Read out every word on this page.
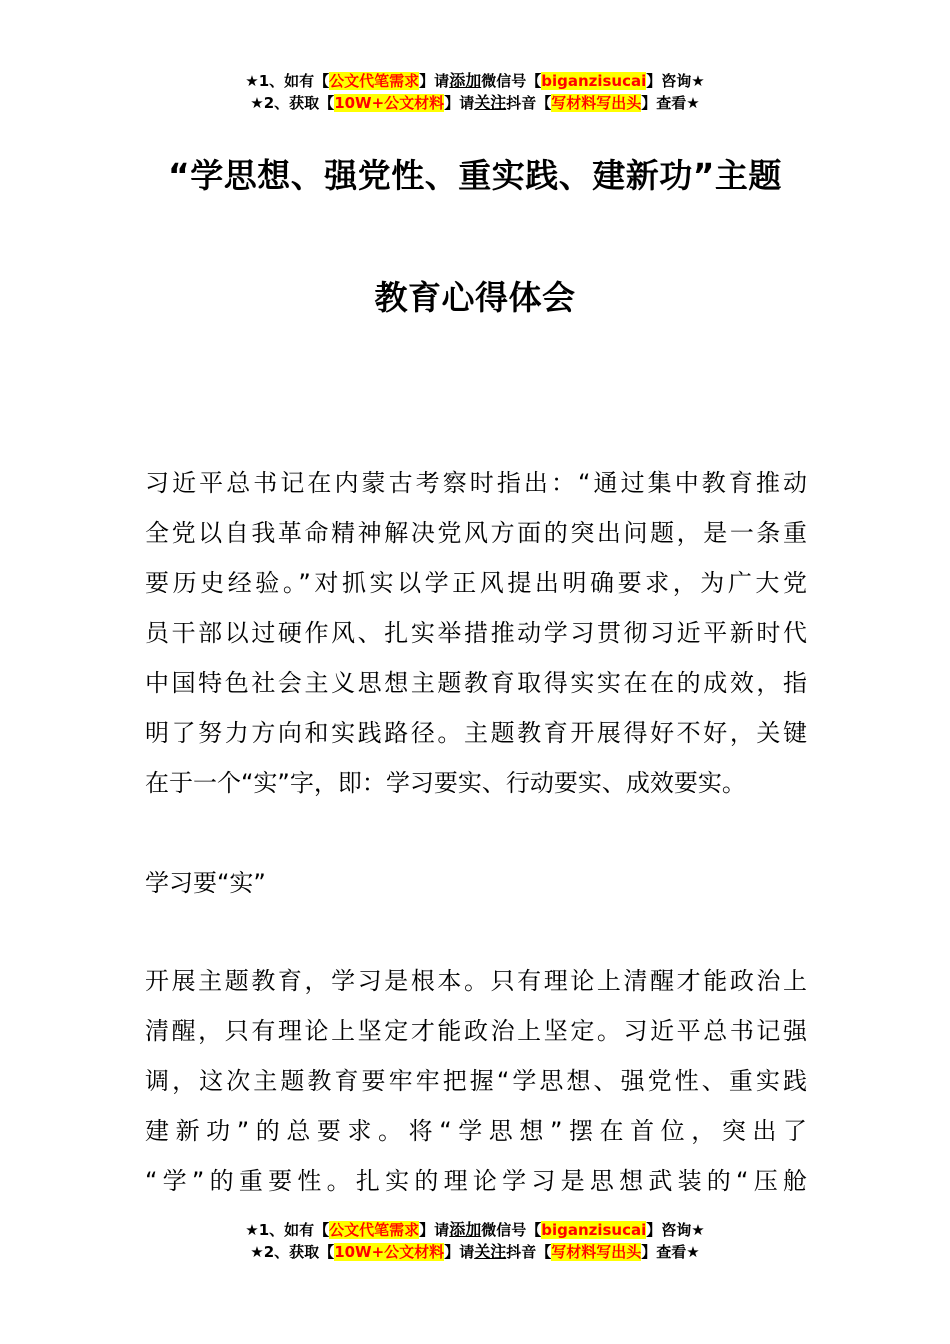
★1、如有【公文代笔需求】请添加微信号【biganzisucai】咨询★
★2、获取【10W+公文材料】请关注抖音【写材料写出头】查看★
“学思想、强党性、重实践、建新功”主题
教育心得体会
习近平总书记在内蒙古考察时指出：“通过集中教育推动
全党以自我革命精神解决党风方面的突出问题，是一条重
要历史经验。”对抓实以学正风提出明确要求，为广大党
员干部以过硬作风、扎实举措推动学习贯彻习近平新时代
中国特色社会主义思想主题教育取得实实在在的成效，指
明了努力方向和实践路径。主题教育开展得好不好，关键
在于一个“实”字，即：学习要实、行动要实、成效要实。
学习要“实”
开展主题教育，学习是根本。只有理论上清醒才能政治上
清醒，只有理论上坚定才能政治上坚定。习近平总书记强
调，这次主题教育要牢牢把握“学思想、强党性、重实践
建新功”的总要求。将“学思想”摆在首位，突出了
“学”的重要性。扎实的理论学习是思想武装的“压舱
★1、如有【公文代笔需求】请添加微信号【biganzisucai】咨询★
★2、获取【10W+公文材料】请关注抖音【写材料写出头】查看★
